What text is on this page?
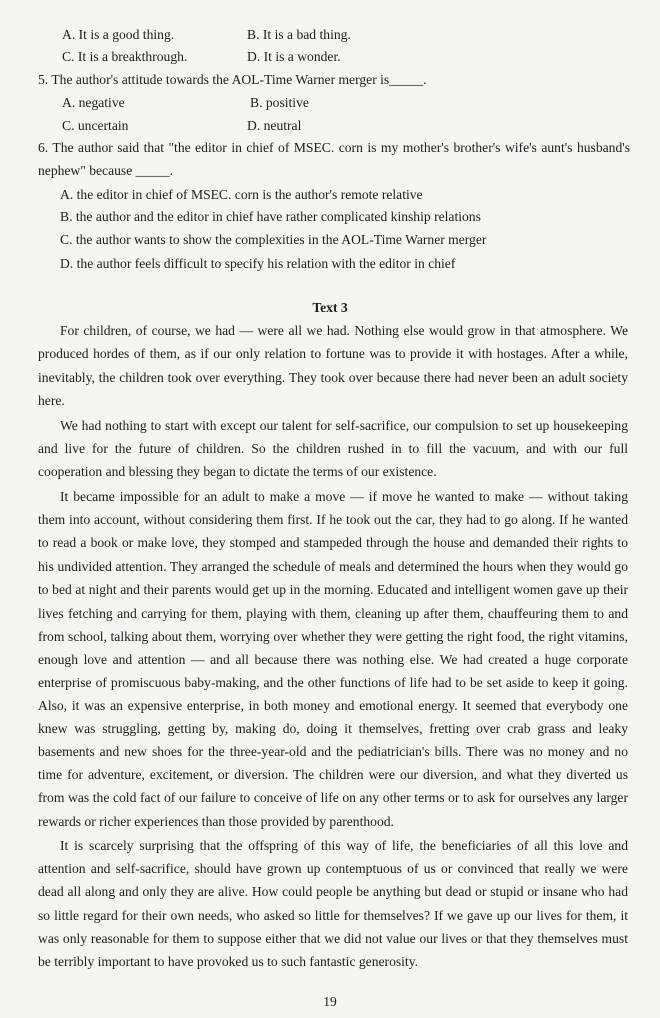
A. It is a good thing.	B. It is a bad thing.
C. It is a breakthrough.	D. It is a wonder.
5. The author's attitude towards the AOL-Time Warner merger is_____.
A. negative	B. positive
C. uncertain	D. neutral
6. The author said that "the editor in chief of MSEC. corn is my mother's brother's wife's aunt's husband's
nephew" because _____.
A. the editor in chief of MSEC. corn is the author's remote relative
B. the author and the editor in chief have rather complicated kinship relations
C. the author wants to show the complexities in the AOL-Time Warner merger
D. the author feels difficult to specify his relation with the editor in chief
Text 3
For children, of course, we had — were all we had. Nothing else would grow in that atmosphere. We
produced hordes of them, as if our only relation to fortune was to provide it with hostages. After a while,
inevitably, the children took over everything. They took over because there had never been an adult society
here.
We had nothing to start with except our talent for self-sacrifice, our compulsion to set up housekeeping
and live for the future of children. So the children rushed in to fill the vacuum, and with our full
cooperation and blessing they began to dictate the terms of our existence.
It became impossible for an adult to make a move — if move he wanted to make — without taking
them into account, without considering them first. If he took out the car, they had to go along. If he wanted
to read a book or make love, they stomped and stampeded through the house and demanded their rights to
his undivided attention. They arranged the schedule of meals and determined the hours when they would go
to bed at night and their parents would get up in the morning. Educated and intelligent women gave up their
lives fetching and carrying for them, playing with them, cleaning up after them, chauffeuring them to and
from school, talking about them, worrying over whether they were getting the right food, the right vitamins,
enough love and attention — and all because there was nothing else. We had created a huge corporate
enterprise of promiscuous baby-making, and the other functions of life had to be set aside to keep it going.
Also, it was an expensive enterprise, in both money and emotional energy. It seemed that everybody one
knew was struggling, getting by, making do, doing it themselves, fretting over crab grass and leaky
basements and new shoes for the three-year-old and the pediatrician's bills. There was no money and no
time for adventure, excitement, or diversion. The children were our diversion, and what they diverted us
from was the cold fact of our failure to conceive of life on any other terms or to ask for ourselves any larger
rewards or richer experiences than those provided by parenthood.
It is scarcely surprising that the offspring of this way of life, the beneficiaries of all this love and
attention and self-sacrifice, should have grown up contemptuous of us or convinced that really we were
dead all along and only they are alive. How could people be anything but dead or stupid or insane who had
so little regard for their own needs, who asked so little for themselves? If we gave up our lives for them, it
was only reasonable for them to suppose either that we did not value our lives or that they themselves must
be terribly important to have provoked us to such fantastic generosity.
19
